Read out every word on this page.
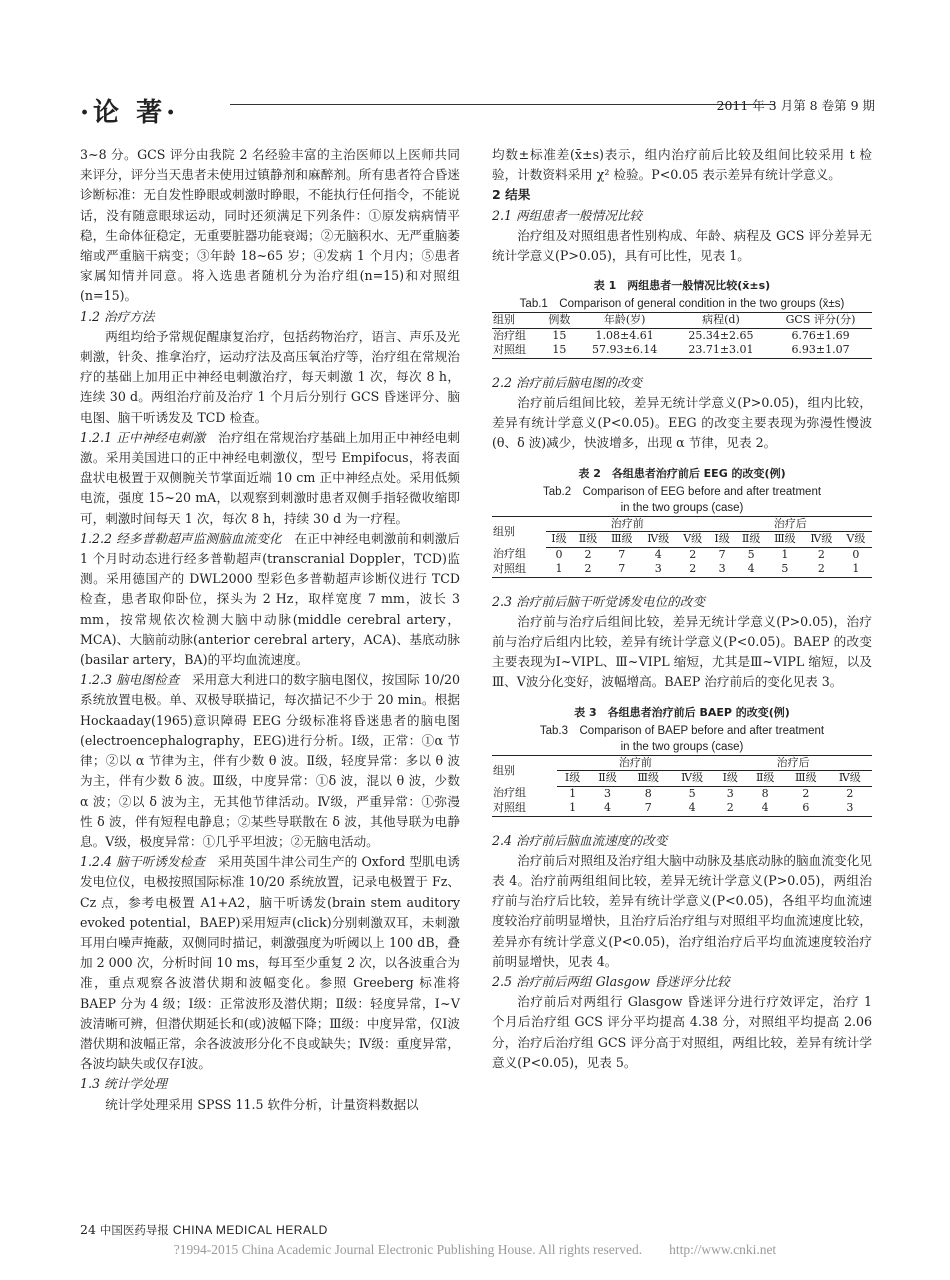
·论 著·	2011 年 3 月第 8 卷第 9 期

3~8 分。GCS 评分由我院 2 名经验丰富的主治医师以上医师共同来评分，评分当天患者未使用过镇静剂和麻醉剂。所有患者符合昏迷诊断标准：无自发性睁眼或刺激时睁眼，不能执行任何指令，不能说话，没有随意眼球运动，同时还须满足下列条件：①原发病病情平稳，生命体征稳定，无重要脏器功能衰竭；②无脑积水、无严重脑萎缩或严重脑干病变；③年龄 18~65 岁；④发病 1 个月内；⑤患者家属知情并同意。将入选患者随机分为治疗组(n=15)和对照组(n=15)。

1.2 治疗方法

两组均给予常规促醒康复治疗，包括药物治疗，语言、声乐及光刺激，针灸、推拿治疗，运动疗法及高压氧治疗等，治疗组在常规治疗的基础上加用正中神经电刺激治疗，每天刺激 1 次，每次 8 h，连续 30 d。两组治疗前及治疗 1 个月后分别行 GCS 昏迷评分、脑电图、脑干听诱发及 TCD 检查。

1.2.1 正中神经电刺激　 治疗组在常规治疗基础上加用正中神经电刺激。采用美国进口的正中神经电刺激仪，型号 Empifocus，将表面盘状电极置于双侧腕关节掌面近端 10 cm 正中神经点处。采用低频电流，强度 15~20 mA，以观察到刺激时患者双侧手指轻微收缩即可，刺激时间每天 1 次，每次 8 h，持续 30 d 为一疗程。

1.2.2 经多普勒超声监测脑血流变化　 在正中神经电刺激前和刺激后 1 个月时动态进行经多普勒超声(transcranial Doppler，TCD)监测。采用德国产的 DWL2000 型彩色多普勒超声诊断仪进行 TCD 检查，患者取仰卧位，探头为 2 Hz，取样宽度 7 mm，波长 3 mm，按常规依次检测大脑中动脉(middle cerebral artery，MCA)、大脑前动脉(anterior cerebral artery，ACA)、基底动脉(basilar artery，BA)的平均血流速度。

1.2.3 脑电图检查　 采用意大利进口的数字脑电图仪，按国际 10/20 系统放置电极。单、双极导联描记，每次描记不少于 20 min。根据 Hockaaday(1965)意识障碍 EEG 分级标准将昏迷患者的脑电图(electroencephalography，EEG)进行分析。Ⅰ级，正常：①α 节律；②以 α 节律为主，伴有少数 θ 波。Ⅱ级，轻度异常：多以 θ 波为主，伴有少数 δ 波。Ⅲ级，中度异常：①δ 波，混以 θ 波，少数 α 波；②以 δ 波为主，无其他节律活动。Ⅳ级，严重异常：①弥漫性 δ 波，伴有短程电静息；②某些导联散在 δ 波，其他导联为电静息。Ⅴ级，极度异常：①几乎平坦波；②无脑电活动。

1.2.4 脑干听诱发检查　 采用英国牛津公司生产的 Oxford 型肌电诱发电位仪，电极按照国际标准 10/20 系统放置，记录电极置于 Fz、Cz 点，参考电极置 A1+A2，脑干听诱发(brain stem auditory evoked potential，BAEP)采用短声(click)分别刺激双耳，未刺激耳用白噪声掩蔽，双侧同时描记，刺激强度为听阈以上 100 dB，叠加 2 000 次，分析时间 10 ms，每耳至少重复 2 次，以各波重合为准，重点观察各波潜伏期和波幅变化。参照 Greeberg 标准将 BAEP 分为 4 级；Ⅰ级：正常波形及潜伏期；Ⅱ级：轻度异常，Ⅰ~Ⅴ波清晰可辨，但潜伏期延长和(或)波幅下降；Ⅲ级：中度异常，仅Ⅰ波潜伏期和波幅正常，余各波波形分化不良或缺失；Ⅳ级：重度异常，各波均缺失或仅存Ⅰ波。

1.3 统计学处理

统计学处理采用 SPSS 11.5 软件分析，计量资料数据以

均数±标准差(x̄±s)表示，组内治疗前后比较及组间比较采用 t 检验，计数资料采用 χ² 检验。P<0.05 表示差异有统计学意义。

2 结果

2.1 两组患者一般情况比较

治疗组及对照组患者性别构成、年龄、病程及 GCS 评分差异无统计学意义(P>0.05)，具有可比性，见表 1。

表 1　两组患者一般情况比较(x̄±s)
Tab.1　Comparison of general condition in the two groups (x̄±s)
组别	例数	年龄(岁)	病程(d)	GCS 评分(分)
治疗组	15	1.08±4.61	25.34±2.65	6.76±1.69
对照组	15	57.93±6.14	23.71±3.01	6.93±1.07

2.2 治疗前后脑电图的改变

治疗前后组间比较，差异无统计学意义(P>0.05)，组内比较，差异有统计学意义(P<0.05)。EEG 的改变主要表现为弥漫性慢波(θ、δ 波)减少，快波增多，出现 α 节律，见表 2。

表 2　各组患者治疗前后 EEG 的改变(例)
Tab.2　Comparison of EEG before and after treatment
in the two groups (case)
组别	治疗前					治疗后				
	Ⅰ级	Ⅱ级	Ⅲ级	Ⅳ级	Ⅴ级	Ⅰ级	Ⅱ级	Ⅲ级	Ⅳ级	Ⅴ级
治疗组	0	2	7	4	2	7	5	1	2	0
对照组	1	2	7	3	2	3	4	5	2	1

2.3 治疗前后脑干听觉诱发电位的改变

治疗前与治疗后组间比较，差异无统计学意义(P>0.05)，治疗前与治疗后组内比较，差异有统计学意义(P<0.05)。BAEP 的改变主要表现为Ⅰ~ⅤIPL、Ⅲ~ⅤIPL 缩短，尤其是Ⅲ~ⅤIPL 缩短，以及Ⅲ、Ⅴ波分化变好，波幅增高。BAEP 治疗前后的变化见表 3。

表 3　各组患者治疗前后 BAEP 的改变(例)
Tab.3　Comparison of BAEP before and after treatment
in the two groups (case)
组别	治疗前				治疗后			
	Ⅰ级	Ⅱ级	Ⅲ级	Ⅳ级	Ⅰ级	Ⅱ级	Ⅲ级	Ⅳ级
治疗组	1	3	8	5	3	8	2	2
对照组	1	4	7	4	2	4	6	3

2.4 治疗前后脑血流速度的改变

治疗前后对照组及治疗组大脑中动脉及基底动脉的脑血流变化见表 4。治疗前两组组间比较，差异无统计学意义(P>0.05)，两组治疗前与治疗后比较，差异有统计学意义(P<0.05)，各组平均血流速度较治疗前明显增快，且治疗后治疗组与对照组平均血流速度比较，差异亦有统计学意义(P<0.05)，治疗组治疗后平均血流速度较治疗前明显增快，见表 4。

2.5 治疗前后两组 Glasgow 昏迷评分比较

治疗前后对两组行 Glasgow 昏迷评分进行疗效评定，治疗 1 个月后治疗组 GCS 评分平均提高 4.38 分，对照组平均提高 2.06 分，治疗后治疗组 GCS 评分高于对照组，两组比较，差异有统计学意义(P<0.05)，见表 5。

24 中国医药导报 CHINA MEDICAL HERALD
?1994-2015 China Academic Journal Electronic Publishing House. All rights reserved.　　http://www.cnki.net
